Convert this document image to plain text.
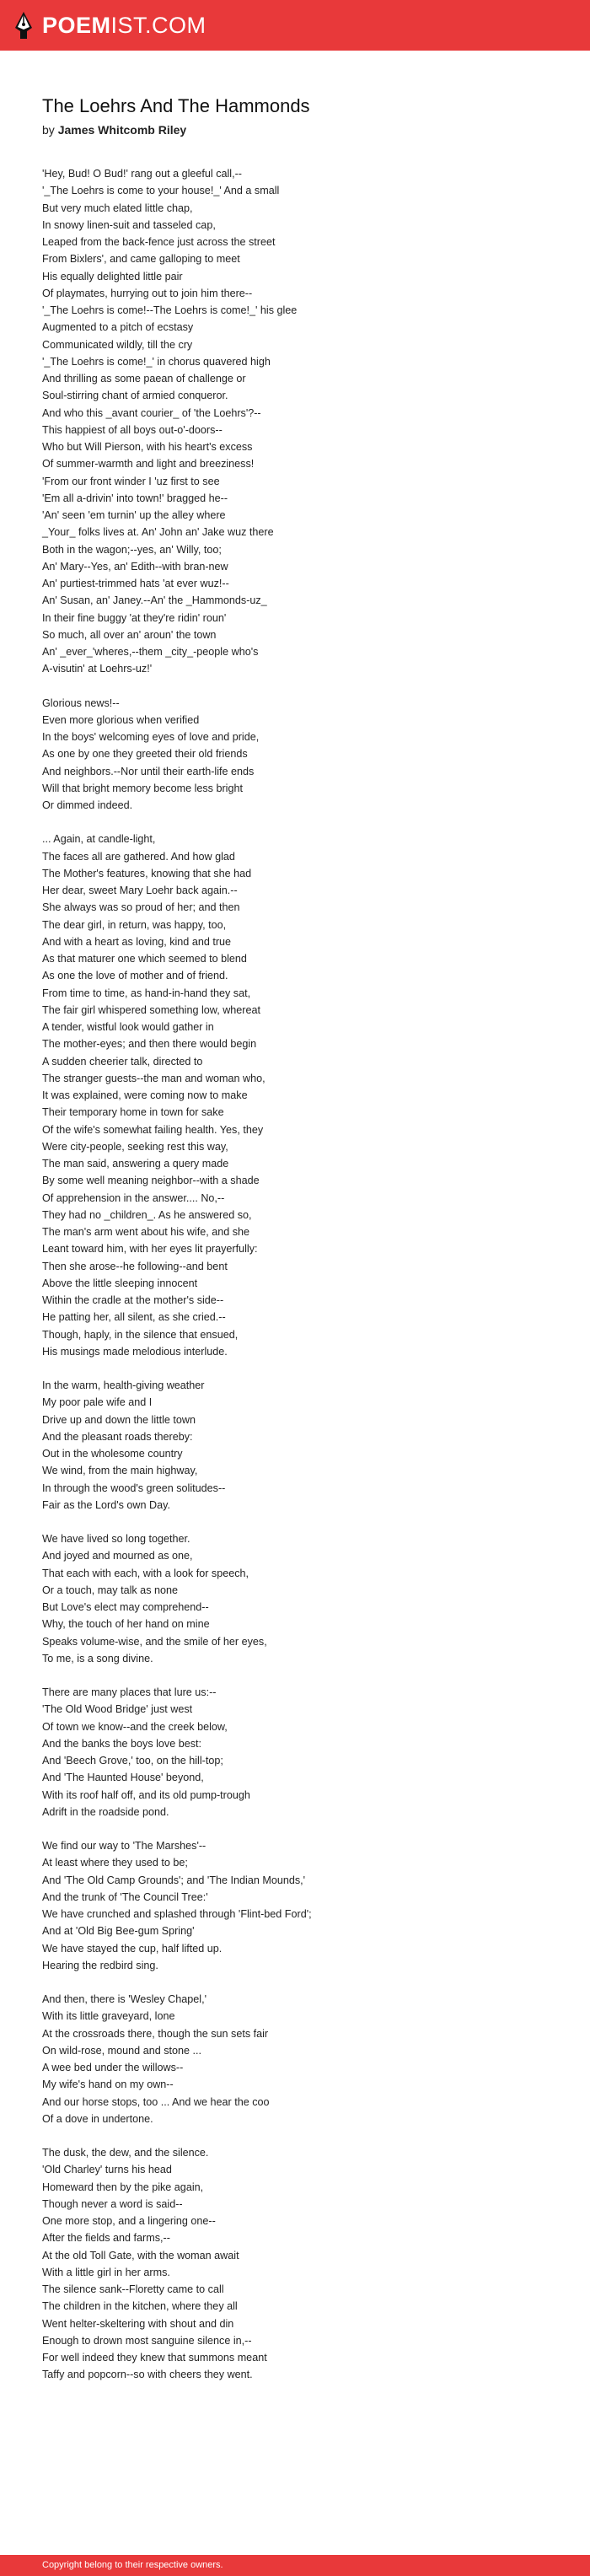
POEMIST.COM
The Loehrs And The Hammonds
by James Whitcomb Riley
'Hey, Bud! O Bud!' rang out a gleeful call,--
'_The Loehrs is come to your house!_' And a small
But very much elated little chap,
In snowy linen-suit and tasseled cap,
Leaped from the back-fence just across the street
From Bixlers', and came galloping to meet
His equally delighted little pair
Of playmates, hurrying out to join him there--
'_The Loehrs is come!--The Loehrs is come!_' his glee
Augmented to a pitch of ecstasy
Communicated wildly, till the cry
'_The Loehrs is come!_' in chorus quavered high
And thrilling as some paean of challenge or
Soul-stirring chant of armied conqueror.
And who this _avant courier_ of 'the Loehrs'?--
This happiest of all boys out-o'-doors--
Who but Will Pierson, with his heart's excess
Of summer-warmth and light and breeziness!
'From our front winder I 'uz first to see
'Em all a-drivin' into town!' bragged he--
'An' seen 'em turnin' up the alley where
_Your_ folks lives at. An' John an' Jake wuz there
Both in the wagon;--yes, an' Willy, too;
An' Mary--Yes, an' Edith--with bran-new
An' purtiest-trimmed hats 'at ever wuz!--
An' Susan, an' Janey.--An' the _Hammonds-uz_
In their fine buggy 'at they're ridin' roun'
So much, all over an' aroun' the town
An' _ever_'wheres,--them _city_-people who's
A-visutin' at Loehrs-uz!'
Glorious news!--
Even more glorious when verified
In the boys' welcoming eyes of love and pride,
As one by one they greeted their old friends
And neighbors.--Nor until their earth-life ends
Will that bright memory become less bright
Or dimmed indeed.
... Again, at candle-light,
The faces all are gathered. And how glad
The Mother's features, knowing that she had
Her dear, sweet Mary Loehr back again.--
She always was so proud of her; and then
The dear girl, in return, was happy, too,
And with a heart as loving, kind and true
As that maturer one which seemed to blend
As one the love of mother and of friend.
From time to time, as hand-in-hand they sat,
The fair girl whispered something low, whereat
A tender, wistful look would gather in
The mother-eyes; and then there would begin
A sudden cheerier talk, directed to
The stranger guests--the man and woman who,
It was explained, were coming now to make
Their temporary home in town for sake
Of the wife's somewhat failing health. Yes, they
Were city-people, seeking rest this way,
The man said, answering a query made
By some well meaning neighbor--with a shade
Of apprehension in the answer.... No,--
They had no _children_. As he answered so,
The man's arm went about his wife, and she
Leant toward him, with her eyes lit prayerfully:
Then she arose--he following--and bent
Above the little sleeping innocent
Within the cradle at the mother's side--
He patting her, all silent, as she cried.--
Though, haply, in the silence that ensued,
His musings made melodious interlude.
In the warm, health-giving weather
My poor pale wife and I
Drive up and down the little town
And the pleasant roads thereby:
Out in the wholesome country
We wind, from the main highway,
In through the wood's green solitudes--
Fair as the Lord's own Day.
We have lived so long together.
And joyed and mourned as one,
That each with each, with a look for speech,
Or a touch, may talk as none
But Love's elect may comprehend--
Why, the touch of her hand on mine
Speaks volume-wise, and the smile of her eyes,
To me, is a song divine.
There are many places that lure us:--
'The Old Wood Bridge' just west
Of town we know--and the creek below,
And the banks the boys love best:
And 'Beech Grove,' too, on the hill-top;
And 'The Haunted House' beyond,
With its roof half off, and its old pump-trough
Adrift in the roadside pond.
We find our way to 'The Marshes'--
At least where they used to be;
And 'The Old Camp Grounds'; and 'The Indian Mounds,'
And the trunk of 'The Council Tree:'
We have crunched and splashed through 'Flint-bed Ford';
And at 'Old Big Bee-gum Spring'
We have stayed the cup, half lifted up.
Hearing the redbird sing.
And then, there is 'Wesley Chapel,'
With its little graveyard, lone
At the crossroads there, though the sun sets fair
On wild-rose, mound and stone ...
A wee bed under the willows--
My wife's hand on my own--
And our horse stops, too ... And we hear the coo
Of a dove in undertone.
The dusk, the dew, and the silence.
'Old Charley' turns his head
Homeward then by the pike again,
Though never a word is said--
One more stop, and a lingering one--
After the fields and farms,--
At the old Toll Gate, with the woman await
With a little girl in her arms.
The silence sank--Floretty came to call
The children in the kitchen, where they all
Went helter-skeltering with shout and din
Enough to drown most sanguine silence in,--
For well indeed they knew that summons meant
Taffy and popcorn--so with cheers they went.
Copyright belong to their respective owners.
